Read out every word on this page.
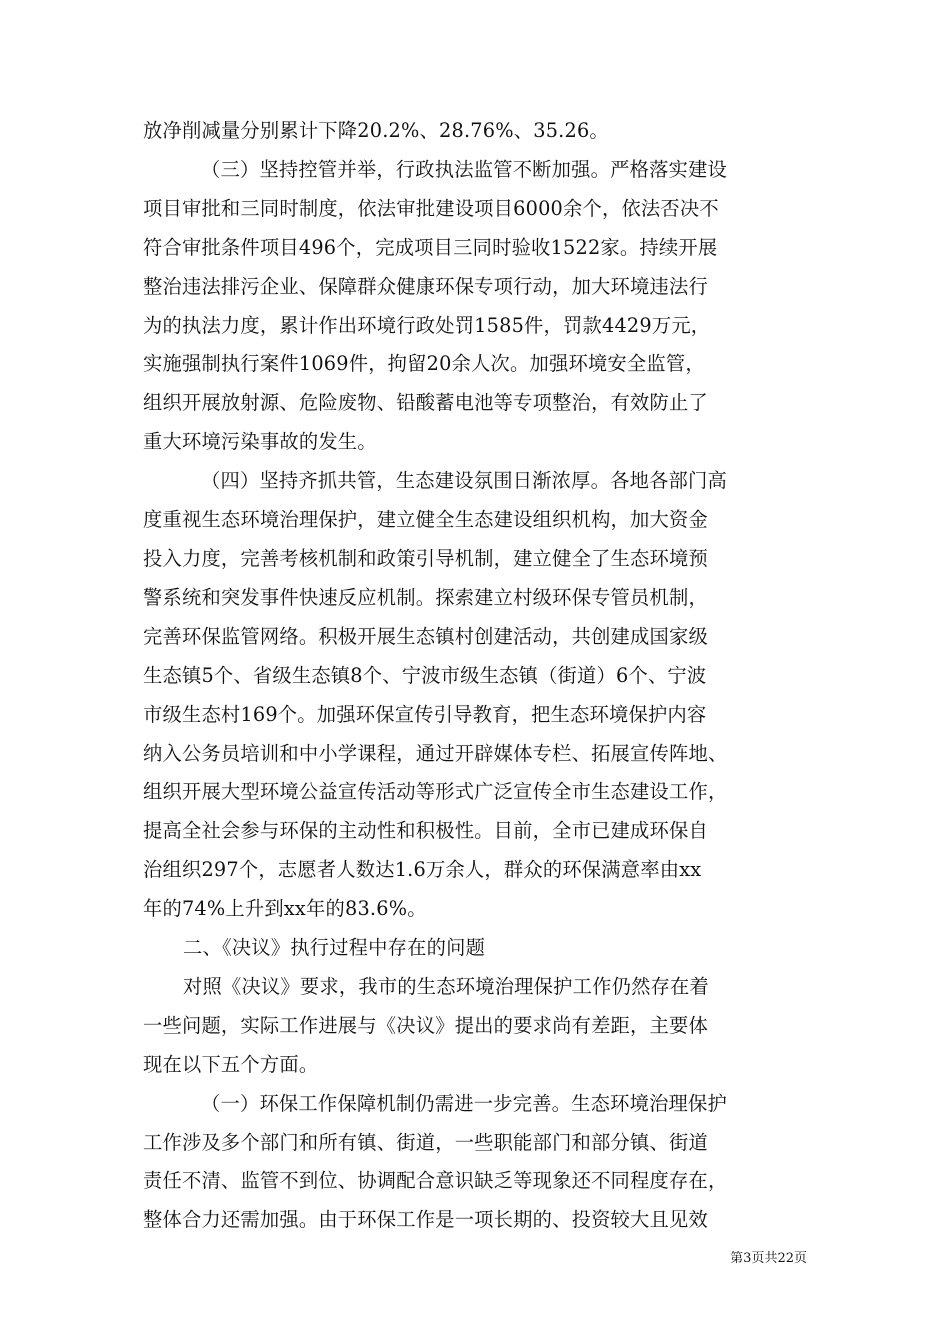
放净削减量分别累计下降20.2%、28.76%、35.26。
（三）坚持控管并举，行政执法监管不断加强。严格落实建设
项目审批和三同时制度，依法审批建设项目6000余个，依法否决不
符合审批条件项目496个，完成项目三同时验收1522家。持续开展
整治违法排污企业、保障群众健康环保专项行动，加大环境违法行
为的执法力度，累计作出环境行政处罚1585件，罚款4429万元，
实施强制执行案件1069件，拘留20余人次。加强环境安全监管，
组织开展放射源、危险废物、铅酸蓄电池等专项整治，有效防止了
重大环境污染事故的发生。
（四）坚持齐抓共管，生态建设氛围日渐浓厚。各地各部门高
度重视生态环境治理保护，建立健全生态建设组织机构，加大资金
投入力度，完善考核机制和政策引导机制，建立健全了生态环境预
警系统和突发事件快速反应机制。探索建立村级环保专管员机制，
完善环保监管网络。积极开展生态镇村创建活动，共创建成国家级
生态镇5个、省级生态镇8个、宁波市级生态镇（街道）6个、宁波
市级生态村169个。加强环保宣传引导教育，把生态环境保护内容
纳入公务员培训和中小学课程，通过开辟媒体专栏、拓展宣传阵地、
组织开展大型环境公益宣传活动等形式广泛宣传全市生态建设工作，
提高全社会参与环保的主动性和积极性。目前，全市已建成环保自
治组织297个，志愿者人数达1.6万余人，群众的环保满意率由xx
年的74%上升到xx年的83.6%。
二、《决议》执行过程中存在的问题
对照《决议》要求，我市的生态环境治理保护工作仍然存在着
一些问题，实际工作进展与《决议》提出的要求尚有差距，主要体
现在以下五个方面。
（一）环保工作保障机制仍需进一步完善。生态环境治理保护
工作涉及多个部门和所有镇、街道，一些职能部门和部分镇、街道
责任不清、监管不到位、协调配合意识缺乏等现象还不同程度存在，
整体合力还需加强。由于环保工作是一项长期的、投资较大且见效
第3页共22页
